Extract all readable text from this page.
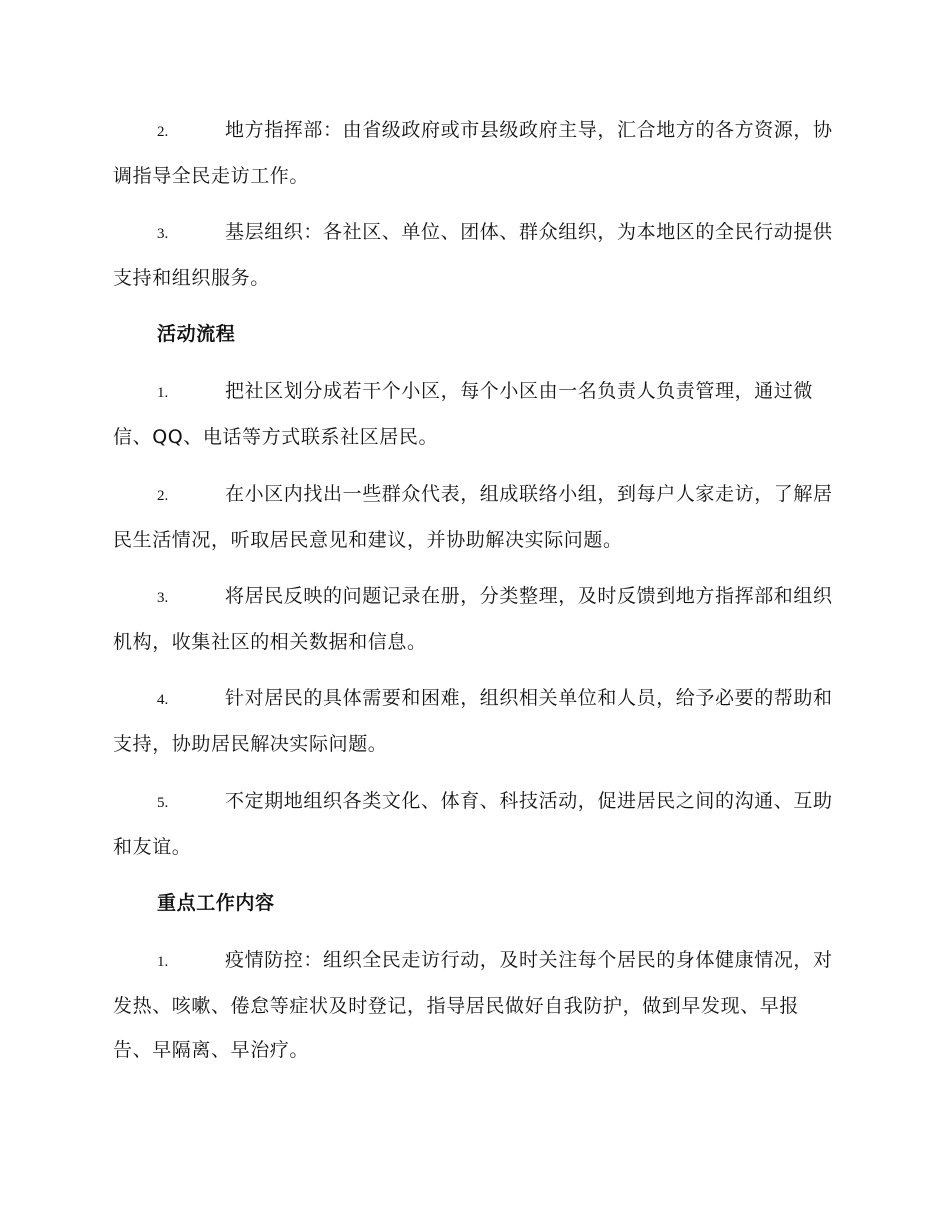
2.	地方指挥部：由省级政府或市县级政府主导，汇合地方的各方资源，协调指导全民走访工作。

3.	基层组织：各社区、单位、团体、群众组织，为本地区的全民行动提供支持和组织服务。

活动流程

1.	把社区划分成若干个小区，每个小区由一名负责人负责管理，通过微信、QQ、电话等方式联系社区居民。

2.	在小区内找出一些群众代表，组成联络小组，到每户人家走访，了解居民生活情况，听取居民意见和建议，并协助解决实际问题。

3.	将居民反映的问题记录在册，分类整理，及时反馈到地方指挥部和组织机构，收集社区的相关数据和信息。

4.	针对居民的具体需要和困难，组织相关单位和人员，给予必要的帮助和支持，协助居民解决实际问题。

5.	不定期地组织各类文化、体育、科技活动，促进居民之间的沟通、互助和友谊。

重点工作内容

1.	疫情防控：组织全民走访行动，及时关注每个居民的身体健康情况，对发热、咳嗽、倦怠等症状及时登记，指导居民做好自我防护，做到早发现、早报告、早隔离、早治疗。
